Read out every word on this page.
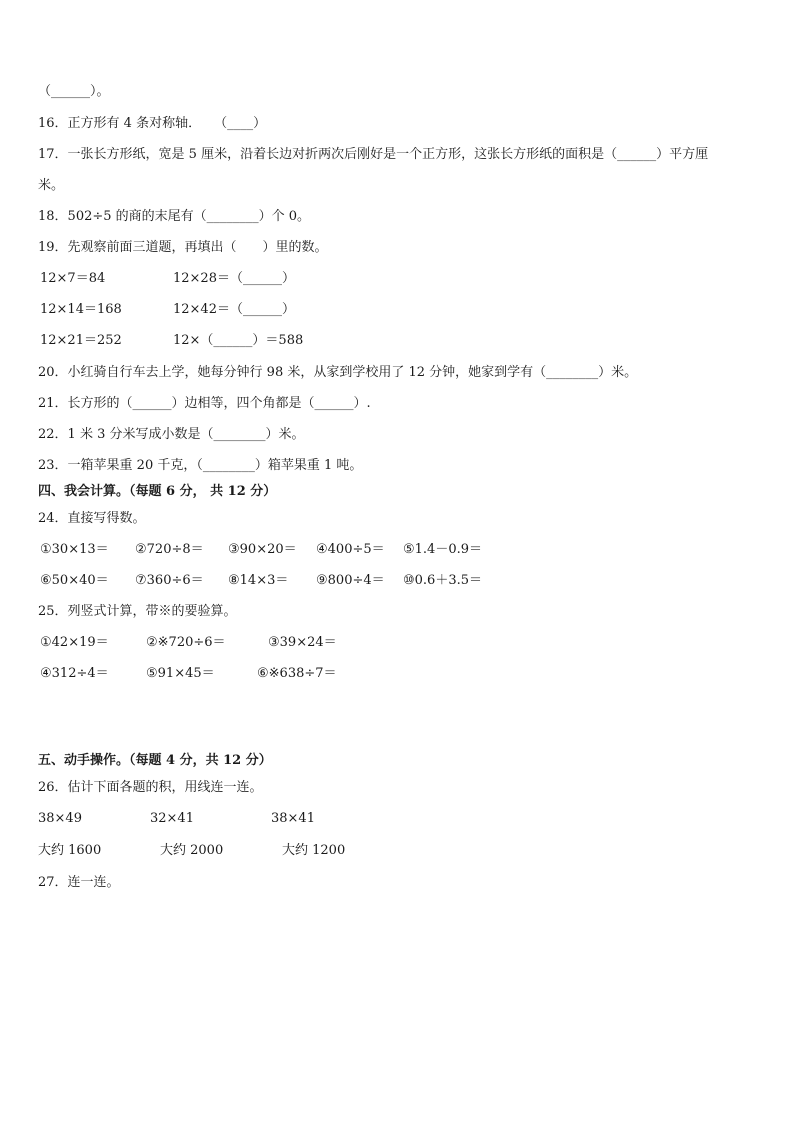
（______）。
16．正方形有 4 条对称轴．　　（____）
17．一张长方形纸，宽是 5 厘米，沿着长边对折两次后刚好是一个正方形，这张长方形纸的面积是（______）平方厘
米。
18．502÷5 的商的末尾有（________）个 0。
19．先观察前面三道题，再填出（　　）里的数。
12×7＝84	12×28＝（______）
12×14＝168	12×42＝（______）
12×21＝252	12×（______）＝588
20．小红骑自行车去上学，她每分钟行 98 米，从家到学校用了 12 分钟，她家到学有（________）米。
21．长方形的（______）边相等，四个角都是（______）.
22．1 米 3 分米写成小数是（________）米。
23．一箱苹果重 20 千克，（________）箱苹果重 1 吨。
四、我会计算。（每题 6 分， 共 12 分）
24．直接写得数。
①30×13＝ ②720÷8＝ ③90×20＝ ④400÷5＝ ⑤1.4－0.9＝
⑥50×40＝ ⑦360÷6＝ ⑧14×3＝ ⑨800÷4＝ ⑩0.6＋3.5＝
25．列竖式计算，带※的要验算。
①42×19＝	②※720÷6＝	③39×24＝
④312÷4＝	⑤91×45＝	⑥※638÷7＝
五、动手操作。（每题 4 分，共 12 分）
26．估计下面各题的积，用线连一连。
38×49	32×41	38×41
大约 1600	大约 2000	大约 1200
27．连一连。
